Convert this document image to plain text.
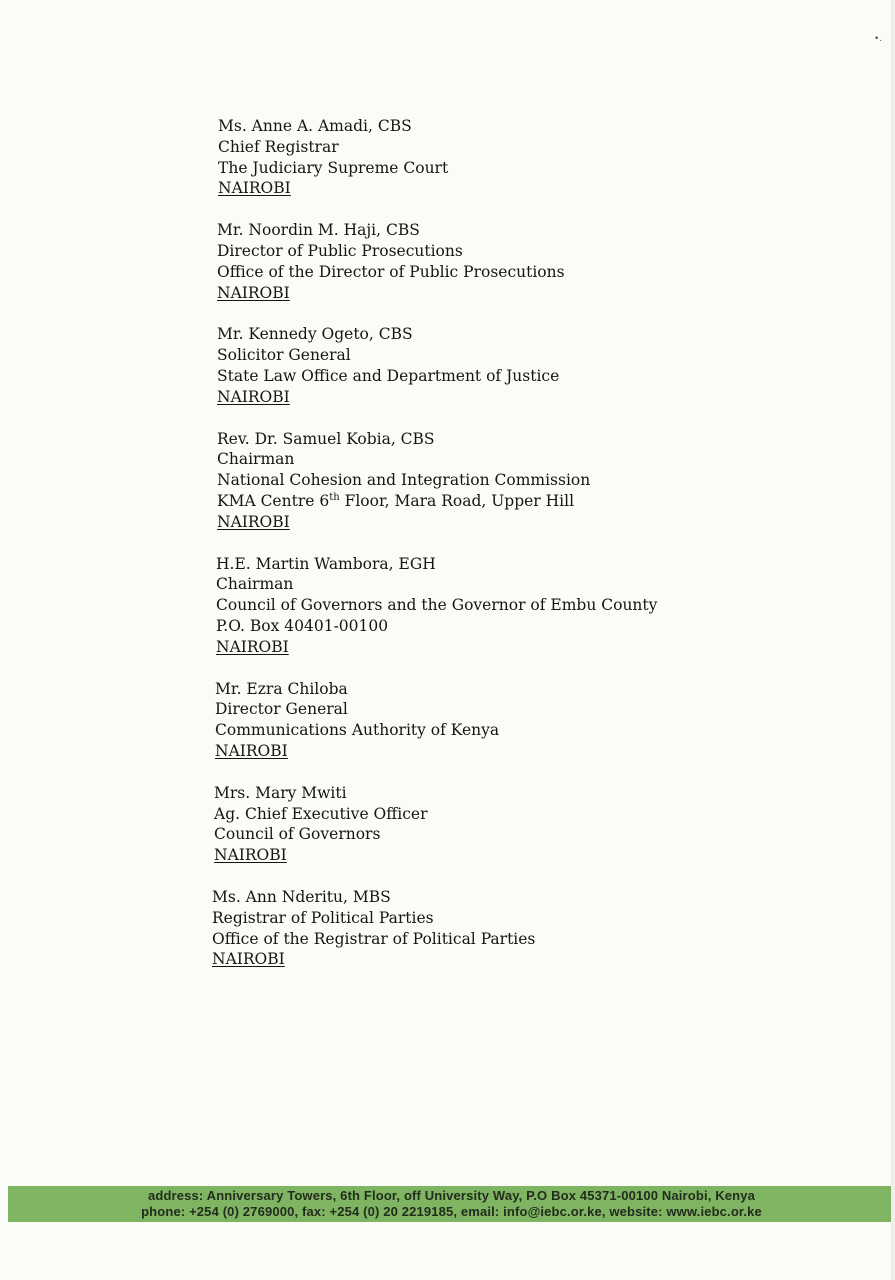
•.
Ms. Anne A. Amadi, CBS
Chief Registrar
The Judiciary Supreme Court
NAIROBI
Mr. Noordin M. Haji, CBS
Director of Public Prosecutions
Office of the Director of Public Prosecutions
NAIROBI
Mr. Kennedy Ogeto, CBS
Solicitor General
State Law Office and Department of Justice
NAIROBI
Rev. Dr. Samuel Kobia, CBS
Chairman
National Cohesion and Integration Commission
KMA Centre 6th Floor, Mara Road, Upper Hill
NAIROBI
H.E. Martin Wambora, EGH
Chairman
Council of Governors and the Governor of Embu County
P.O. Box 40401-00100
NAIROBI
Mr. Ezra Chiloba
Director General
Communications Authority of Kenya
NAIROBI
Mrs. Mary Mwiti
Ag. Chief Executive Officer
Council of Governors
NAIROBI
Ms. Ann Nderitu, MBS
Registrar of Political Parties
Office of the Registrar of Political Parties
NAIROBI
address: Anniversary Towers, 6th Floor, off University Way, P.O Box 45371-00100 Nairobi, Kenya
phone: +254 (0) 2769000, fax: +254 (0) 20 2219185, email: info@iebc.or.ke, website: www.iebc.or.ke
